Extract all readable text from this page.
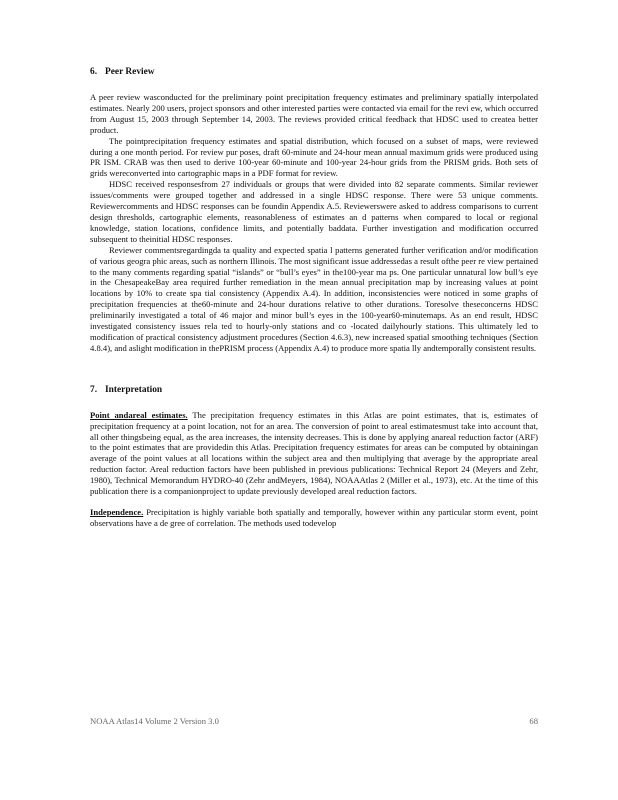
6. Peer Review

A peer review wasconducted for the preliminary point precipitation frequency estimates and preliminary spatially interpolated estimates. Nearly 200 users, project sponsors and other interested parties were contacted via email for the revi ew, which occurred from August 15, 2003 through September 14, 2003. The reviews provided critical feedback that HDSC used to createa better product.

The pointprecipitation frequency estimates and spatial distribution, which focused on a subset of maps, were reviewed during a one month period. For review pur poses, draft 60-minute and 24-hour mean annual maximum grids were produced using PR ISM. CRAB was then used to derive 100-year 60-minute and 100-year 24-hour grids from the PRISM grids. Both sets of grids wereconverted into cartographic maps in a PDF format for review.

HDSC received responsesfrom 27 individuals or groups that were divided into 82 separate comments. Similar reviewer issues/comments were grouped together and addressed in a single HDSC response. There were 53 unique comments. Reviewercomments and HDSC responses can be foundin Appendix A.5. Reviewerswere asked to address comparisons to current design thresholds, cartographic elements, reasonableness of estimates an d patterns when compared to local or regional knowledge, station locations, confidence limits, and potentially baddata. Further investigation and modification occurred subsequent to theinitial HDSC responses.

Reviewer commentsregardingda ta quality and expected spatia l patterns generated further verification and/or modification of various geogra phic areas, such as northern Illinois. The most significant issue addressedas a result ofthe peer re view pertained to the many comments regarding spatial “islands” or “bull’s eyes” in the100-year ma ps. One particular unnatural low bull’s eye in the ChesapeakeBay area required further remediation in the mean annual precipitation map by increasing values at point locations by 10% to create spa tial consistency (Appendix A.4). In addition, inconsistencies were noticed in some graphs of precipitation frequencies at the60-minute and 24-hour durations relative to other durations. Toresolve theseconcerns HDSC preliminarily investigated a total of 46 major and minor bull’s eyes in the 100-year60-minutemaps. As an end result, HDSC investigated consistency issues rela ted to hourly-only stations and co -located dailyhourly stations. This ultimately led to modification of practical consistency adjustment procedures (Section 4.6.3), new increased spatial smoothing techniques (Section 4.8.4), and aslight modification in thePRISM process (Appendix A.4) to produce more spatia lly andtemporally consistent results.

7. Interpretation

Point andareal estimates. The precipitation frequency estimates in this Atlas are point estimates, that is, estimates of precipitation frequency at a point location, not for an area. The conversion of point to areal estimatesmust take into account that, all other thingsbeing equal, as the area increases, the intensity decreases. This is done by applying anareal reduction factor (ARF) to the point estimates that are providedin this Atlas. Precipitation frequency estimates for areas can be computed by obtainingan average of the point values at all locations within the subject area and then multiplying that average by the appropriate areal reduction factor. Areal reduction factors have been published in previous publications: Technical Report 24 (Meyers and Zehr, 1980), Technical Memorandum HYDRO-40 (Zehr andMeyers, 1984), NOAAAtlas 2 (Miller et al., 1973), etc. At the time of this publication there is a companionproject to update previously developed areal reduction factors.

Independence. Precipitation is highly variable both spatially and temporally, however within any particular storm event, point observations have a de gree of correlation. The methods used todevelop

NOAA Atlas14 Volume 2 Version 3.0	68
